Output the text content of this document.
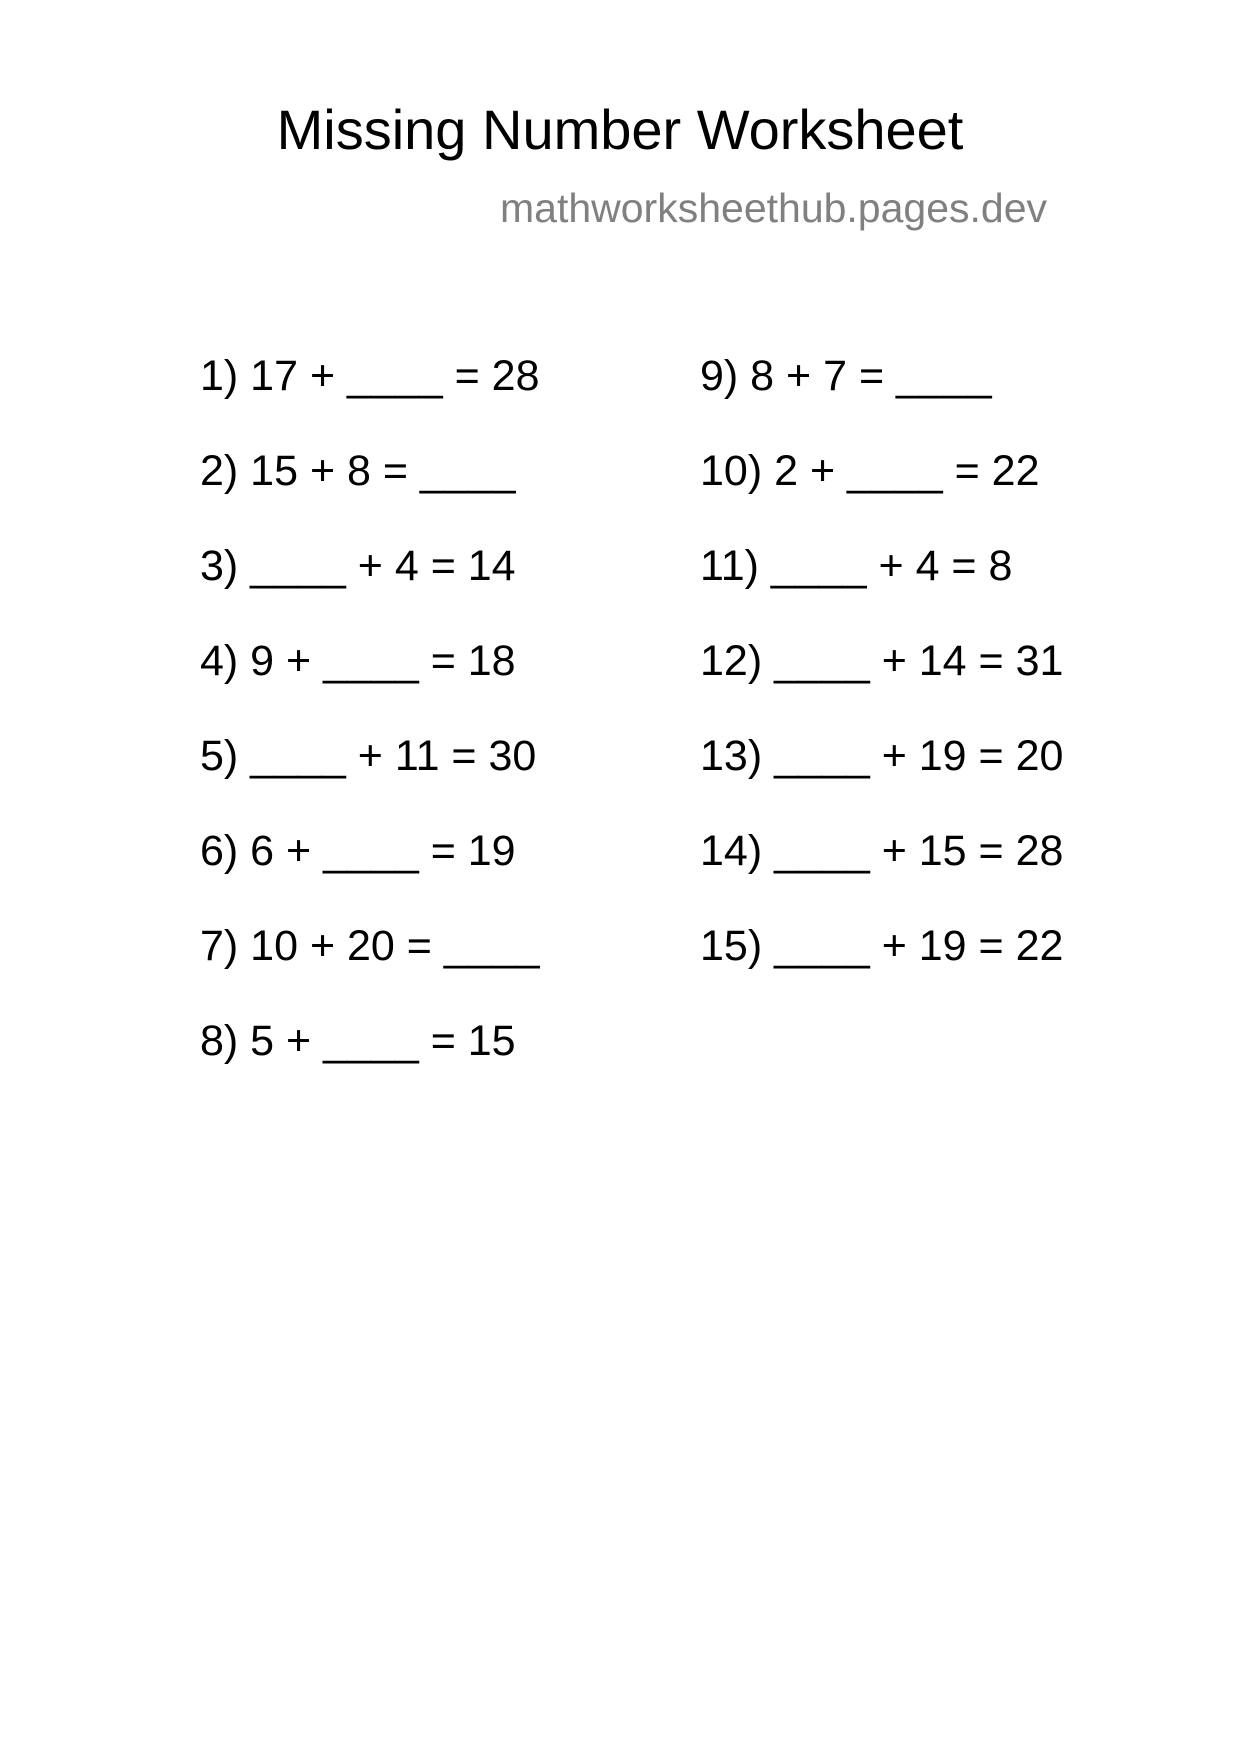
Missing Number Worksheet
mathworksheethub.pages.dev
1) 17 + ____ = 28
2) 15 + 8 = ____
3) ____ + 4 = 14
4) 9 + ____ = 18
5) ____ + 11 = 30
6) 6 + ____ = 19
7) 10 + 20 = ____
8) 5 + ____ = 15
9) 8 + 7 = ____
10) 2 + ____ = 22
11) ____ + 4 = 8
12) ____ + 14 = 31
13) ____ + 19 = 20
14) ____ + 15 = 28
15) ____ + 19 = 22
